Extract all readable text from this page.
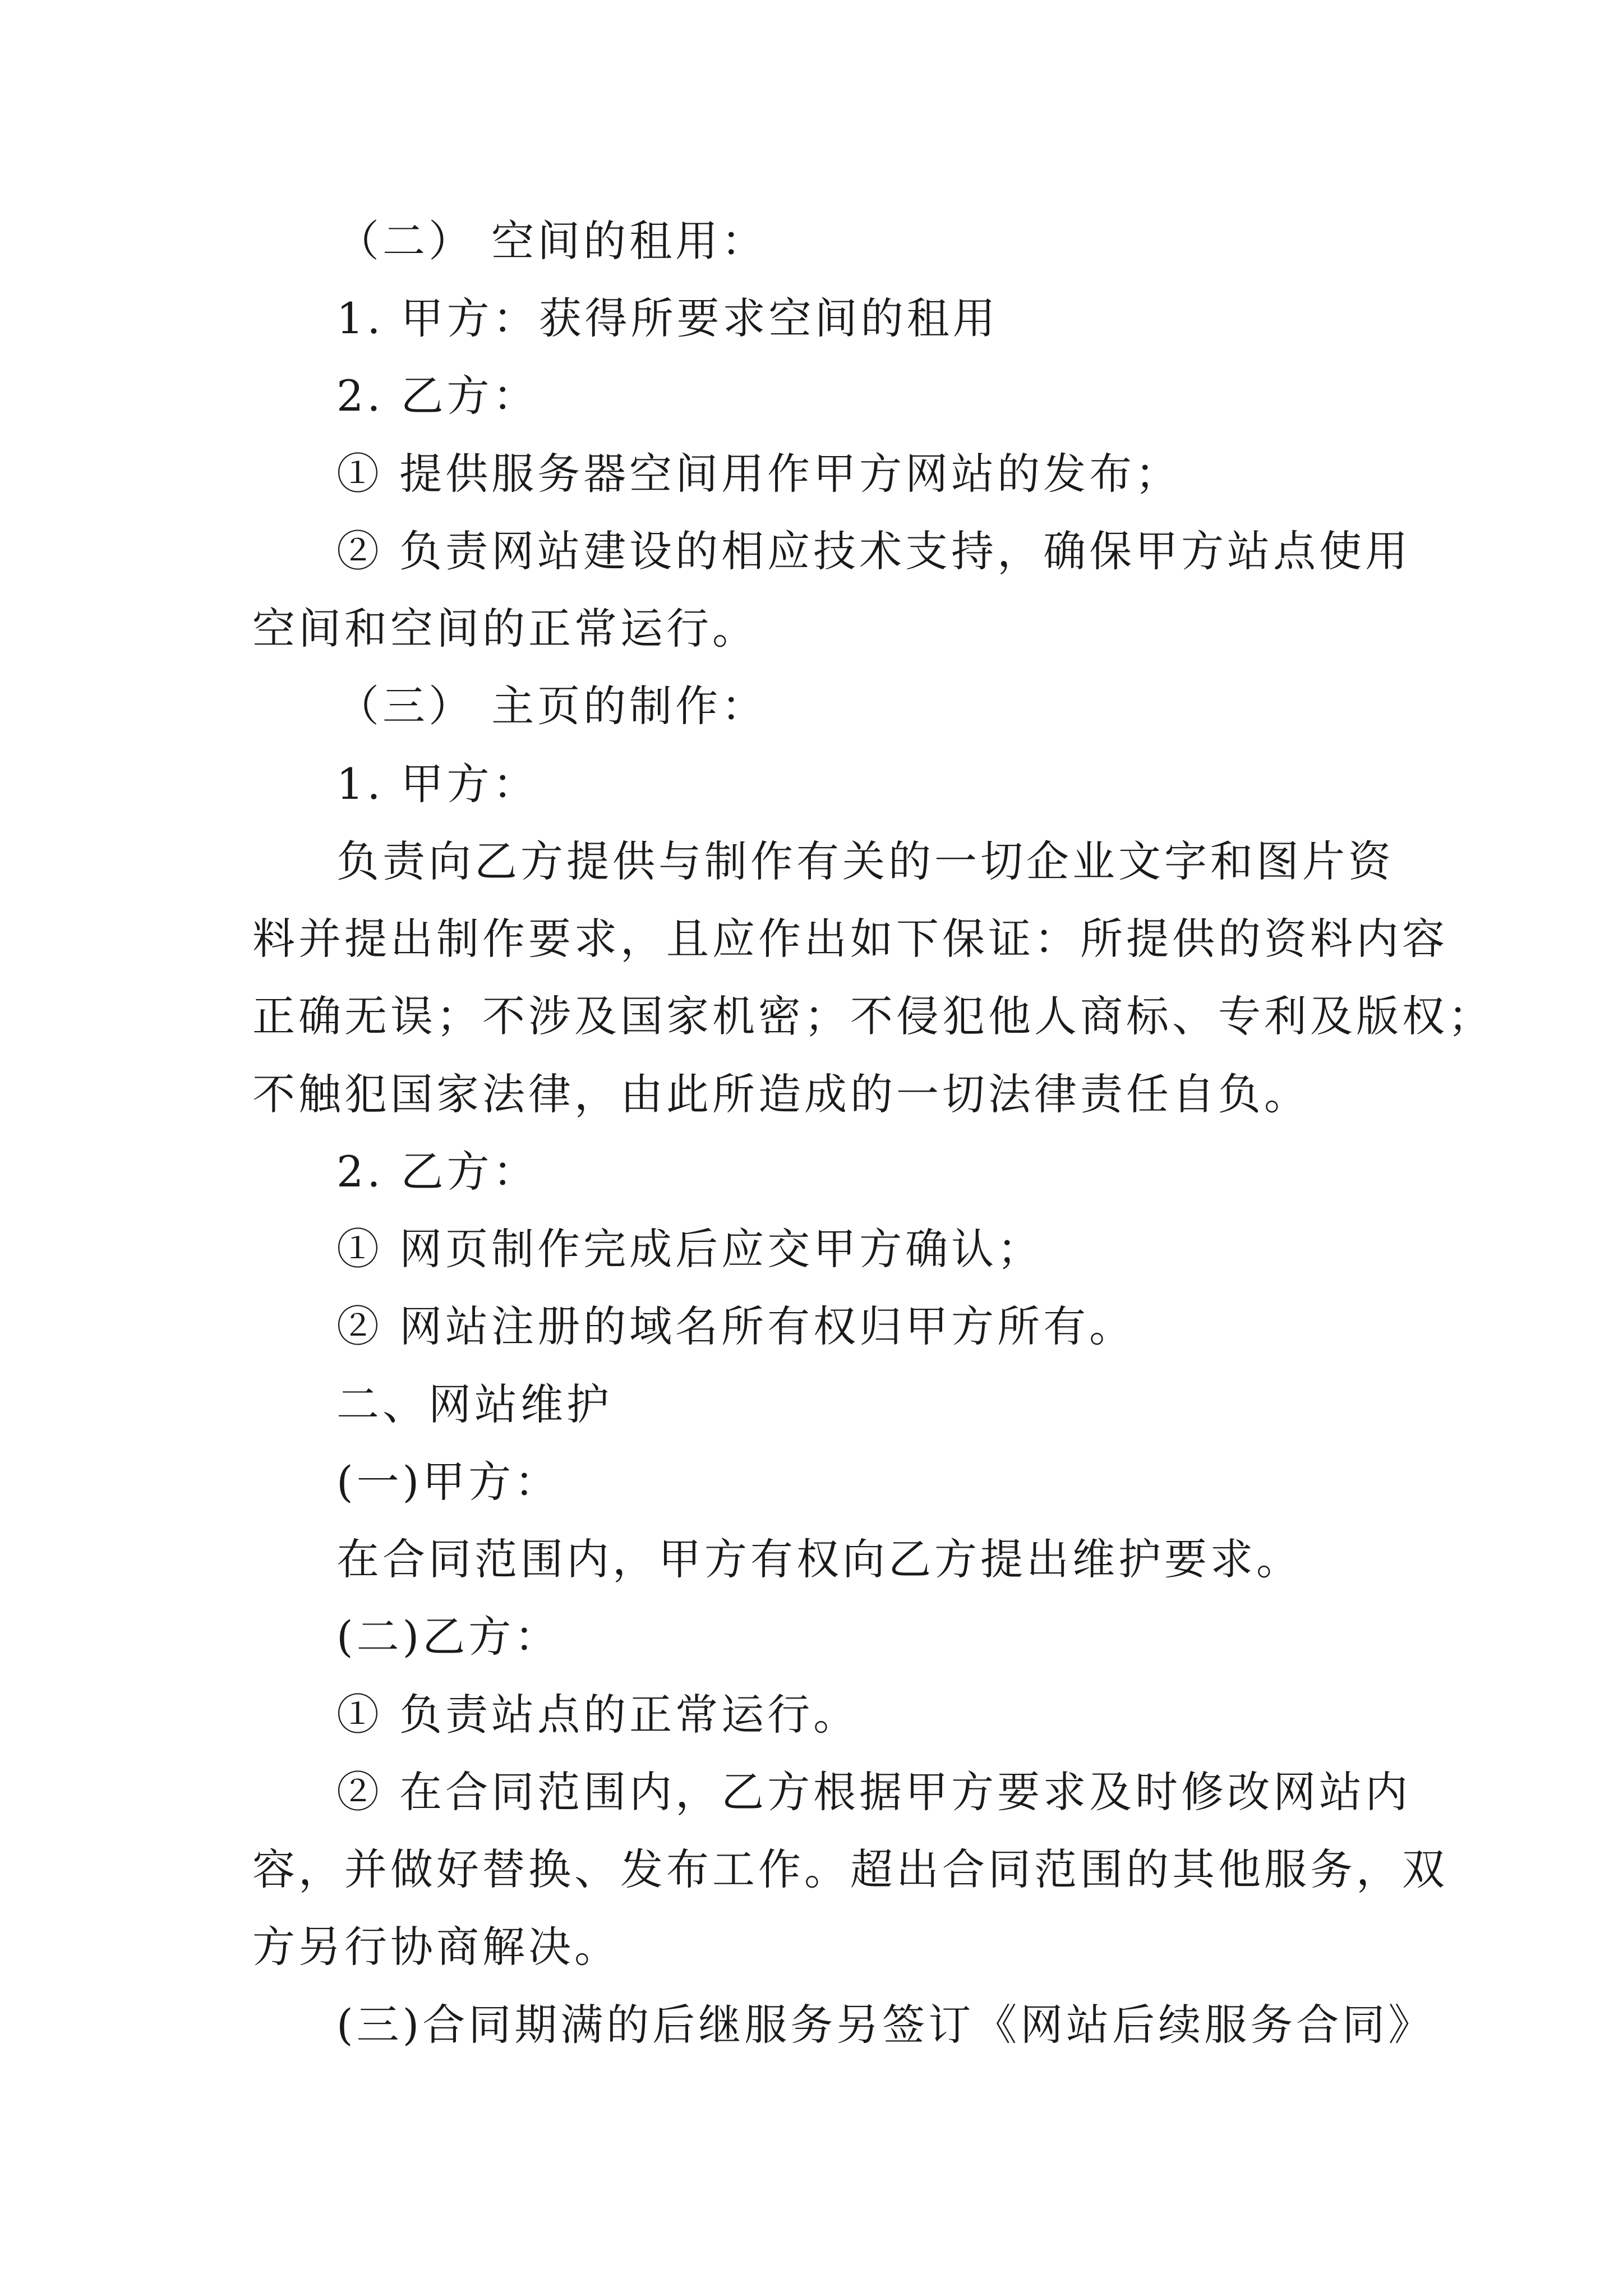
（二） 空间的租用：
1. 甲方：获得所要求空间的租用
2. 乙方：
① 提供服务器空间用作甲方网站的发布；
② 负责网站建设的相应技术支持，确保甲方站点使用
空间和空间的正常运行。
（三） 主页的制作：
1. 甲方：
负责向乙方提供与制作有关的一切企业文字和图片资
料并提出制作要求，且应作出如下保证：所提供的资料内容
正确无误；不涉及国家机密；不侵犯他人商标、专利及版权；
不触犯国家法律，由此所造成的一切法律责任自负。
2. 乙方：
① 网页制作完成后应交甲方确认；
② 网站注册的域名所有权归甲方所有。
二、网站维护
(一)甲方：
在合同范围内，甲方有权向乙方提出维护要求。
(二)乙方：
① 负责站点的正常运行。
② 在合同范围内，乙方根据甲方要求及时修改网站内
容，并做好替换、发布工作。超出合同范围的其他服务，双
方另行协商解决。
(三)合同期满的后继服务另签订《网站后续服务合同》
